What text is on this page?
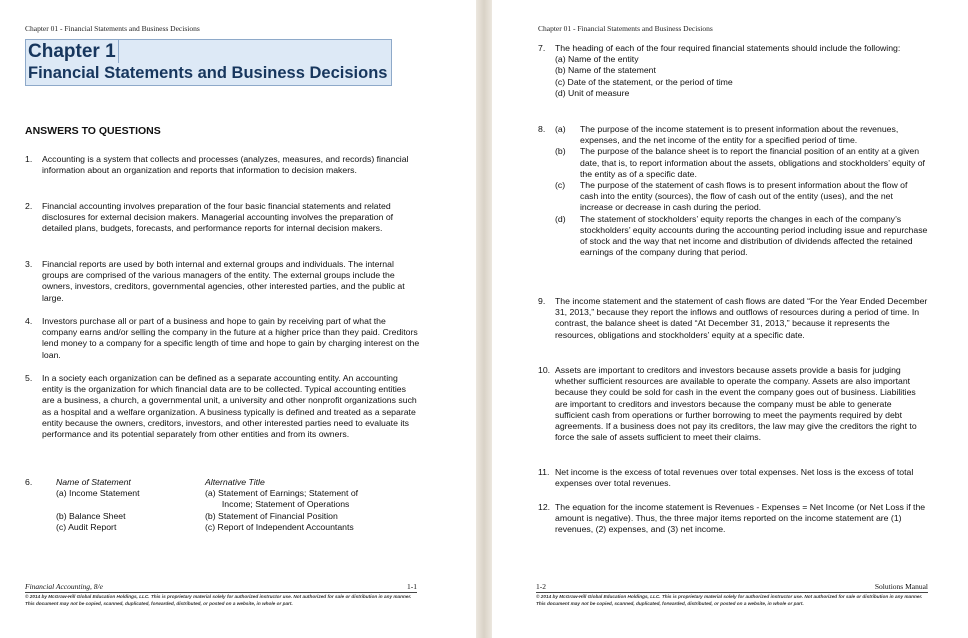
Chapter 01 - Financial Statements and Business Decisions
Chapter 1
Financial Statements and Business Decisions
ANSWERS TO QUESTIONS
1. Accounting is a system that collects and processes (analyzes, measures, and records) financial information about an organization and reports that information to decision makers.
2. Financial accounting involves preparation of the four basic financial statements and related disclosures for external decision makers. Managerial accounting involves the preparation of detailed plans, budgets, forecasts, and performance reports for internal decision makers.
3. Financial reports are used by both internal and external groups and individuals. The internal groups are comprised of the various managers of the entity. The external groups include the owners, investors, creditors, governmental agencies, other interested parties, and the public at large.
4. Investors purchase all or part of a business and hope to gain by receiving part of what the company earns and/or selling the company in the future at a higher price than they paid. Creditors lend money to a company for a specific length of time and hope to gain by charging interest on the loan.
5. In a society each organization can be defined as a separate accounting entity. An accounting entity is the organization for which financial data are to be collected. Typical accounting entities are a business, a church, a governmental unit, a university and other nonprofit organizations such as a hospital and a welfare organization. A business typically is defined and treated as a separate entity because the owners, creditors, investors, and other interested parties need to evaluate its performance and its potential separately from other entities and from its owners.
6.	Name of Statement	Alternative Title
(a) Income Statement	(a) Statement of Earnings; Statement of
Income; Statement of Operations
(b) Balance Sheet	(b) Statement of Financial Position
(c) Audit Report	(c) Report of Independent Accountants
Financial Accounting, 8/e	1-1
© 2014 by McGraw-Hill Global Education Holdings, LLC. This is proprietary material solely for authorized instructor use. Not authorized for sale or distribution in any manner. This document may not be copied, scanned, duplicated, forwarded, distributed, or posted on a website, in whole or part.
Chapter 01 - Financial Statements and Business Decisions
7. The heading of each of the four required financial statements should include the following:
(a) Name of the entity
(b) Name of the statement
(c) Date of the statement, or the period of time
(d) Unit of measure
8. (a) The purpose of the income statement is to present information about the revenues, expenses, and the net income of the entity for a specified period of time.
(b) The purpose of the balance sheet is to report the financial position of an entity at a given date, that is, to report information about the assets, obligations and stockholders’ equity of the entity as of a specific date.
(c) The purpose of the statement of cash flows is to present information about the flow of cash into the entity (sources), the flow of cash out of the entity (uses), and the net increase or decrease in cash during the period.
(d) The statement of stockholders’ equity reports the changes in each of the company’s stockholders’ equity accounts during the accounting period including issue and repurchase of stock and the way that net income and distribution of dividends affected the retained earnings of the company during that period.
9. The income statement and the statement of cash flows are dated “For the Year Ended December 31, 2013,” because they report the inflows and outflows of resources during a period of time. In contrast, the balance sheet is dated “At December 31, 2013,” because it represents the resources, obligations and stockholders’ equity at a specific date.
10. Assets are important to creditors and investors because assets provide a basis for judging whether sufficient resources are available to operate the company. Assets are also important because they could be sold for cash in the event the company goes out of business. Liabilities are important to creditors and investors because the company must be able to generate sufficient cash from operations or further borrowing to meet the payments required by debt agreements. If a business does not pay its creditors, the law may give the creditors the right to force the sale of assets sufficient to meet their claims.
11. Net income is the excess of total revenues over total expenses. Net loss is the excess of total expenses over total revenues.
12. The equation for the income statement is Revenues - Expenses = Net Income (or Net Loss if the amount is negative). Thus, the three major items reported on the income statement are (1) revenues, (2) expenses, and (3) net income.
1-2	Solutions Manual
© 2014 by McGraw-Hill Global Education Holdings, LLC. This is proprietary material solely for authorized instructor use. Not authorized for sale or distribution in any manner. This document may not be copied, scanned, duplicated, forwarded, distributed, or posted on a website, in whole or part.
